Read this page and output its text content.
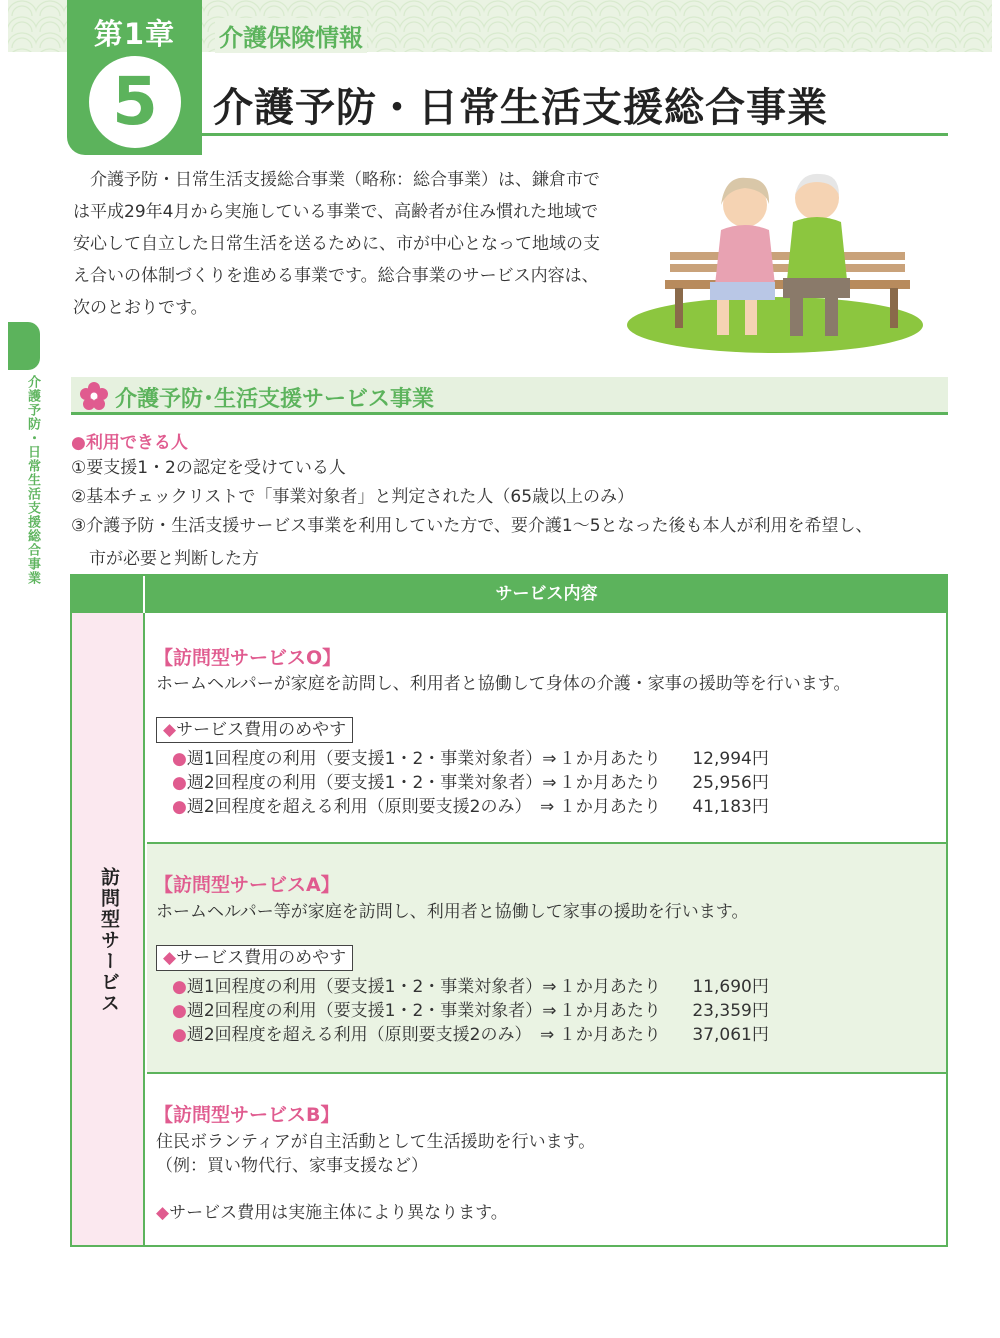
第1章
5
介護保険情報
介護予防・日常生活支援総合事業

介護予防・日常生活支援総合事業（略称：総合事業）は、鎌倉市では平成29年4月から実施している事業で、高齢者が住み慣れた地域で安心して自立した日常生活を送るために、市が中心となって地域の支え合いの体制づくりを進める事業です。総合事業のサービス内容は、次のとおりです。

介護予防・日常生活支援総合事業	介護予防･生活支援サービス事業
●利用できる人
①要支援1・2の認定を受けている人
②基本チェックリストで「事業対象者」と判定された人（65歳以上のみ）
③介護予防・生活支援サービス事業を利用していた方で、要介護1～5となった後も本人が利用を希望し、
市が必要と判断した方
サービス内容
訪問型サービス
【訪問型サービスO】
ホームヘルパーが家庭を訪問し、利用者と協働して身体の介護・家事の援助等を行います。
◆サービス費用のめやす
●週1回程度の利用（要支援1・2・事業対象者）⇒ １か月あたり 12,994円
●週2回程度の利用（要支援1・2・事業対象者）⇒ １か月あたり 25,956円
●週2回程度を超える利用（原則要支援2のみ）　⇒ １か月あたり 41,183円
【訪問型サービスA】
ホームヘルパー等が家庭を訪問し、利用者と協働して家事の援助を行います。
◆サービス費用のめやす
●週1回程度の利用（要支援1・2・事業対象者）⇒ １か月あたり 11,690円
●週2回程度の利用（要支援1・2・事業対象者）⇒ １か月あたり 23,359円
●週2回程度を超える利用（原則要支援2のみ）　⇒ １か月あたり 37,061円
【訪問型サービスB】
住民ボランティアが自主活動として生活援助を行います。
（例：買い物代行、家事支援など）
◆サービス費用は実施主体により異なります。
